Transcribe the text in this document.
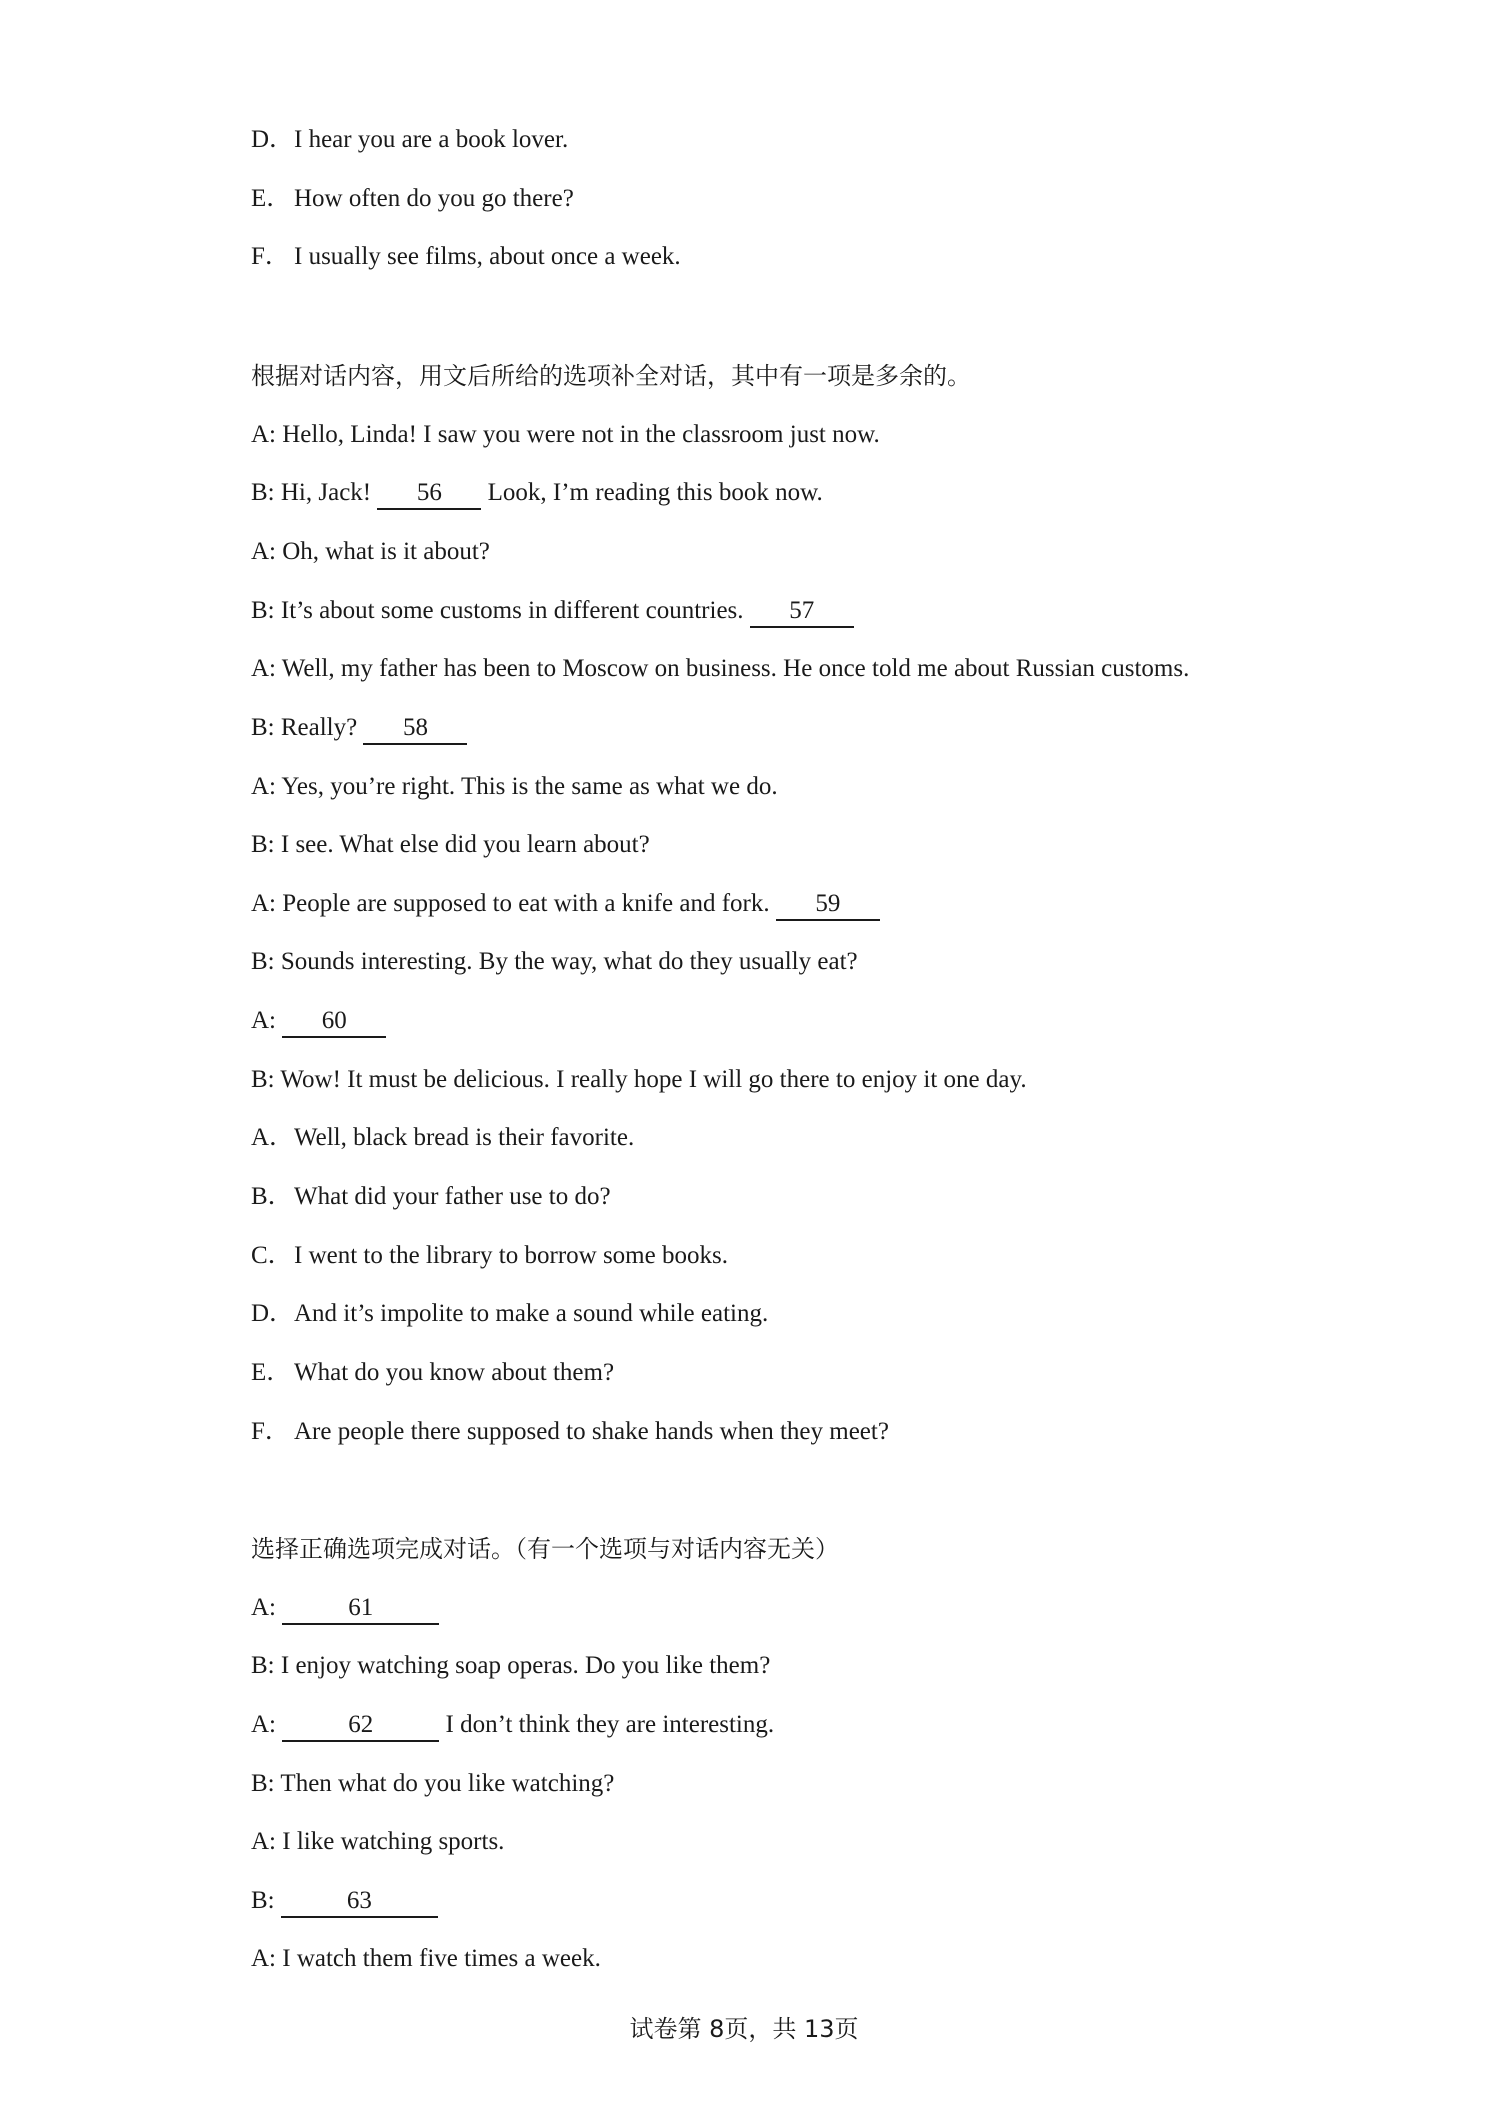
D．I hear you are a book lover.
E． How often do you go there?
F． I usually see films, about once a week.
根据对话内容，用文后所给的选项补全对话，其中有一项是多余的。
A: Hello, Linda! I saw you were not in the classroom just now.
B: Hi, Jack! 56 Look, I’m reading this book now.
A: Oh, what is it about?
B: It’s about some customs in different countries. 57
A: Well, my father has been to Moscow on business. He once told me about Russian customs.
B: Really? 58
A: Yes, you’re right. This is the same as what we do.
B: I see. What else did you learn about?
A: People are supposed to eat with a knife and fork. 59
B: Sounds interesting. By the way, what do they usually eat?
A: 60
B: Wow! It must be delicious. I really hope I will go there to enjoy it one day.
A．Well, black bread is their favorite.
B．What did your father use to do?
C．I went to the library to borrow some books.
D．And it’s impolite to make a sound while eating.
E． What do you know about them?
F． Are people there supposed to shake hands when they meet?
选择正确选项完成对话。（有一个选项与对话内容无关）
A:	61
B: I enjoy watching soap operas. Do you like them?
A:	62	I don’t think they are interesting.
B: Then what do you like watching?
A: I like watching sports.
B:	63
A: I watch them five times a week.
试卷第 8页，共 13页
